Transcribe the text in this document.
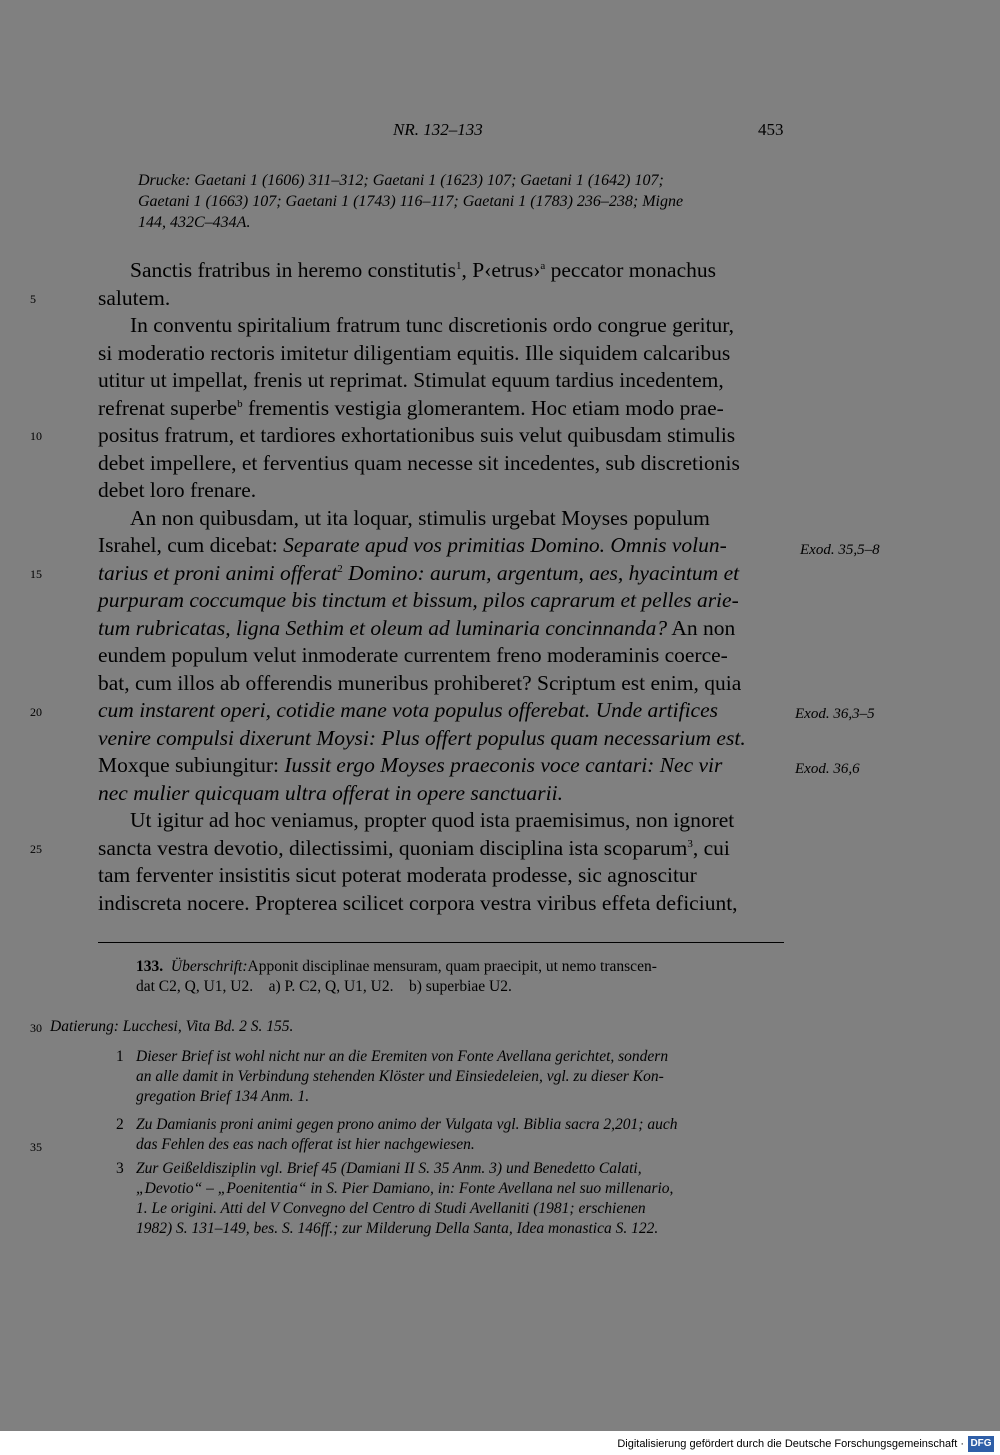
NR. 132–133	453
Drucke: Gaetani 1 (1606) 311–312; Gaetani 1 (1623) 107; Gaetani 1 (1642) 107;
Gaetani 1 (1663) 107; Gaetani 1 (1743) 116–117; Gaetani 1 (1783) 236–238; Migne
144, 432C–434A.
5
10
15
20
25
30
35
Exod. 35,5–8
Exod. 36,3–5
Exod. 36,6
Sanctis fratribus in heremo constitutis$^1$, P‹etrus›$^a$ peccator monachus
salutem.
In conventu spiritalium fratrum tunc discretionis ordo congrue geritur,
si moderatio rectoris imitetur diligentiam equitis. Ille siquidem calcaribus
utitur ut impellat, frenis ut reprimat. Stimulat equum tardius incedentem,
refrenat superbe$^b$ frementis vestigia glomerantem. Hoc etiam modo prae-
positus fratrum, et tardiores exhortationibus suis velut quibusdam stimulis
debet impellere, et ferventius quam necesse sit incedentes, sub discretionis
debet loro frenare.
An non quibusdam, ut ita loquar, stimulis urgebat Moyses populum
Israhel, cum dicebat: Separate apud vos primitias Domino. Omnis volun-
tarius et proni animi offerat$^2$ Domino: aurum, argentum, aes, hyacintum et
purpuram coccumque bis tinctum et bissum, pilos caprarum et pelles arie-
tum rubricatas, ligna Sethim et oleum ad luminaria concinnanda? An non
eundem populum velut inmoderate currentem freno moderaminis coerce-
bat, cum illos ab offerendis muneribus prohiberet? Scriptum est enim, quia
cum instarent operi, cotidie mane vota populus offerebat. Unde artifices
venire compulsi dixerunt Moysi: Plus offert populus quam necessarium est.
Moxque subiungitur: Iussit ergo Moyses praeconis voce cantari: Nec vir
nec mulier quicquam ultra offerat in opere sanctuarii.
Ut igitur ad hoc veniamus, propter quod ista praemisimus, non ignoret
sancta vestra devotio, dilectissimi, quoniam disciplina ista scoparum$^3$, cui
tam ferventer insistitis sicut poterat moderata prodesse, sic agnoscitur
indiscreta nocere. Propterea scilicet corpora vestra viribus effeta deficiunt,
133. Überschrift:Apponit disciplinae mensuram, quam praecipit, ut nemo transcen-
dat C2, Q, U1, U2.    a) P. C2, Q, U1, U2.    b) superbiae U2.
Datierung: Lucchesi, Vita Bd. 2 S. 155.
1 Dieser Brief ist wohl nicht nur an die Eremiten von Fonte Avellana gerichtet, sondern
an alle damit in Verbindung stehenden Klöster und Einsiedeleien, vgl. zu dieser Kon-
gregation Brief 134 Anm. 1.
2 Zu Damianis proni animi gegen prono animo der Vulgata vgl. Biblia sacra 2,201; auch
das Fehlen des eas nach offerat ist hier nachgewiesen.
3 Zur Geißeldisziplin vgl. Brief 45 (Damiani II S. 35 Anm. 3) und Benedetto Calati,
„Devotio“ – „Poenitentia“ in S. Pier Damiano, in: Fonte Avellana nel suo millenario,
1. Le origini. Atti del V Convegno del Centro di Studi Avellaniti (1981; erschienen
1982) S. 131–149, bes. S. 146ff.; zur Milderung Della Santa, Idea monastica S. 122.
Digitalisierung gefördert durch die Deutsche Forschungsgemeinschaft · DFG
